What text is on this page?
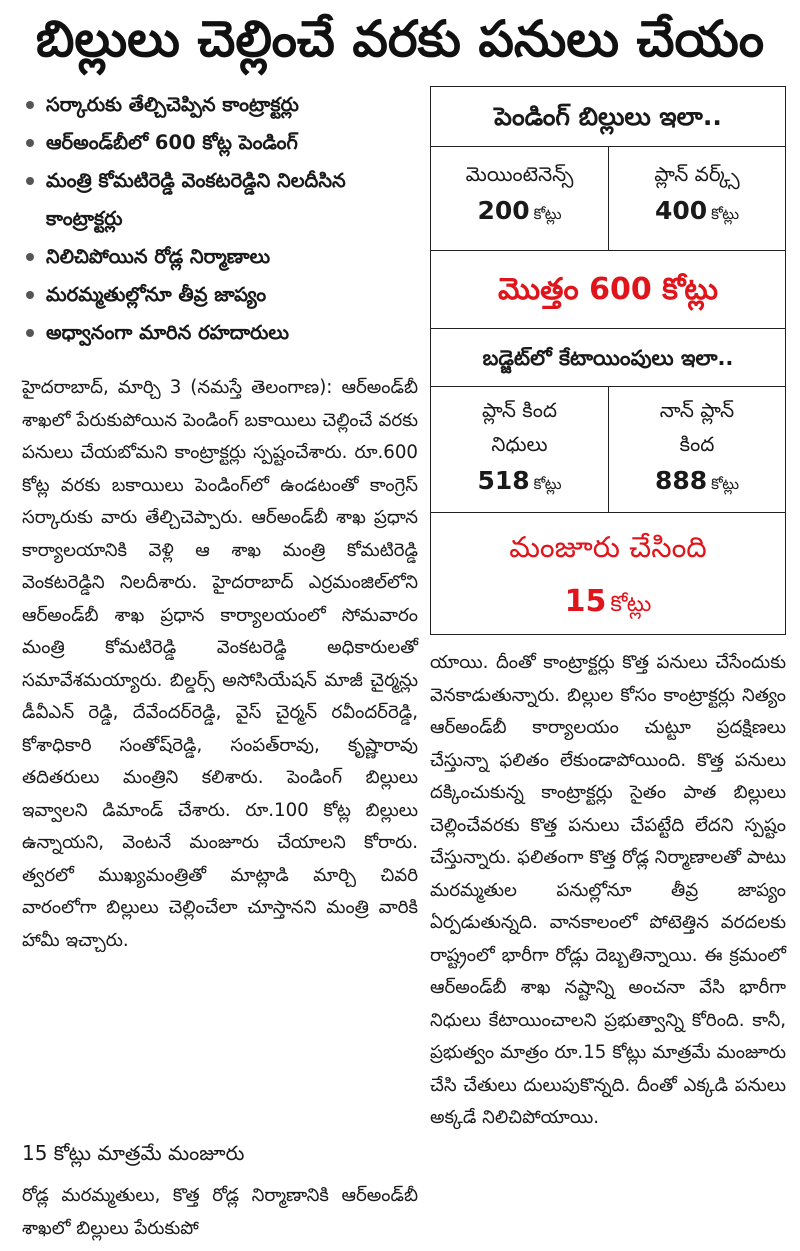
బిల్లులు చెల్లించే వరకు పనులు చేయం
సర్కారుకు తేల్చిచెప్పిన కాంట్రాక్టర్లు
ఆర్అండ్‌బీలో 600 కోట్ల పెండింగ్
మంత్రి కోమటిరెడ్డి వెంకటరెడ్డిని నిలదీసిన కాంట్రాక్టర్లు
నిలిచిపోయిన రోడ్ల నిర్మాణాలు
మరమ్మతుల్లోనూ తీవ్ర జాప్యం
అధ్వానంగా మారిన రహదారులు
పెండింగ్ బిల్లులు ఇలా..
మెయింటెనెన్స్
200 కోట్లు
ప్లాన్ వర్క్స్
400 కోట్లు
మొత్తం 600 కోట్లు
బడ్జెట్‌లో కేటాయింపులు ఇలా..
ప్లాన్ కింద
నిధులు
518 కోట్లు
నాన్ ప్లాన్
కింద
888 కోట్లు
మంజూరు చేసింది
15 కోట్లు

హైదరాబాద్, మార్చి 3 (నమస్తే తెలంగాణ): ఆర్అండ్‌బీ శాఖలో పేరుకుపోయిన పెండింగ్ బకాయిలు చెల్లించే వరకు పనులు చేయబోమని కాంట్రాక్టర్లు స్పష్టంచేశారు. రూ.600 కోట్ల వరకు బకాయిలు పెండింగ్‌లో ఉండటంతో కాంగ్రెస్ సర్కారుకు వారు తేల్చిచెప్పారు. ఆర్అండ్‌బీ శాఖ ప్రధాన కార్యాలయానికి వెళ్లి ఆ శాఖ మంత్రి కోమటిరెడ్డి వెంకటరెడ్డిని నిలదీశారు. హైదరాబాద్ ఎర్రమంజిల్‌లోని ఆర్అండ్‌బీ శాఖ ప్రధాన కార్యాలయంలో సోమవారం మంత్రి కోమటిరెడ్డి వెంకటరెడ్డి అధికారులతో సమావేశమయ్యారు. బిల్డర్స్ అసోసియేషన్ మాజీ చైర్మన్లు డీవీఎన్ రెడ్డి, దేవేందర్‌రెడ్డి, వైస్ చైర్మన్ రవీందర్‌రెడ్డి, కోశాధికారి సంతోష్‌రెడ్డి, సంపత్‌రావు, కృష్ణారావు తదితరులు మంత్రిని కలిశారు. పెండింగ్ బిల్లులు ఇవ్వాలని డిమాండ్ చేశారు. రూ.100 కోట్ల బిల్లులు ఉన్నాయని, వెంటనే మంజూరు చేయాలని కోరారు. త్వరలో ముఖ్యమంత్రితో మాట్లాడి మార్చి చివరి వారంలోగా బిల్లులు చెల్లించేలా చూస్తానని మంత్రి వారికి హామీ ఇచ్చారు.

15 కోట్లు మాత్రమే మంజూరు

రోడ్ల మరమ్మతులు, కొత్త రోడ్ల నిర్మాణానికి ఆర్అండ్‌బీ శాఖలో బిల్లులు పేరుకుపో

యాయి. దీంతో కాంట్రాక్టర్లు కొత్త పనులు చేసేందుకు వెనకాడుతున్నారు. బిల్లుల కోసం కాంట్రాక్టర్లు నిత్యం ఆర్అండ్‌బీ కార్యాలయం చుట్టూ ప్రదక్షిణలు చేస్తున్నా ఫలితం లేకుండాపోయింది. కొత్త పనులు దక్కించుకున్న కాంట్రాక్టర్లు సైతం పాత బిల్లులు చెల్లించేవరకు కొత్త పనులు చేపట్టేది లేదని స్పష్టం చేస్తున్నారు. ఫలితంగా కొత్త రోడ్ల నిర్మాణాలతో పాటు మరమ్మతుల పనుల్లోనూ తీవ్ర జాప్యం ఏర్పడుతున్నది. వానకాలంలో పోటెత్తిన వరదలకు రాష్ట్రంలో భారీగా రోడ్లు దెబ్బతిన్నాయి. ఈ క్రమంలో ఆర్అండ్‌బీ శాఖ నష్టాన్ని అంచనా వేసి భారీగా నిధులు కేటాయించాలని ప్రభుత్వాన్ని కోరింది. కానీ, ప్రభుత్వం మాత్రం రూ.15 కోట్లు మాత్రమే మంజూరు చేసి చేతులు దులుపుకొన్నది. దీంతో ఎక్కడి పనులు అక్కడే నిలిచిపోయాయి.
